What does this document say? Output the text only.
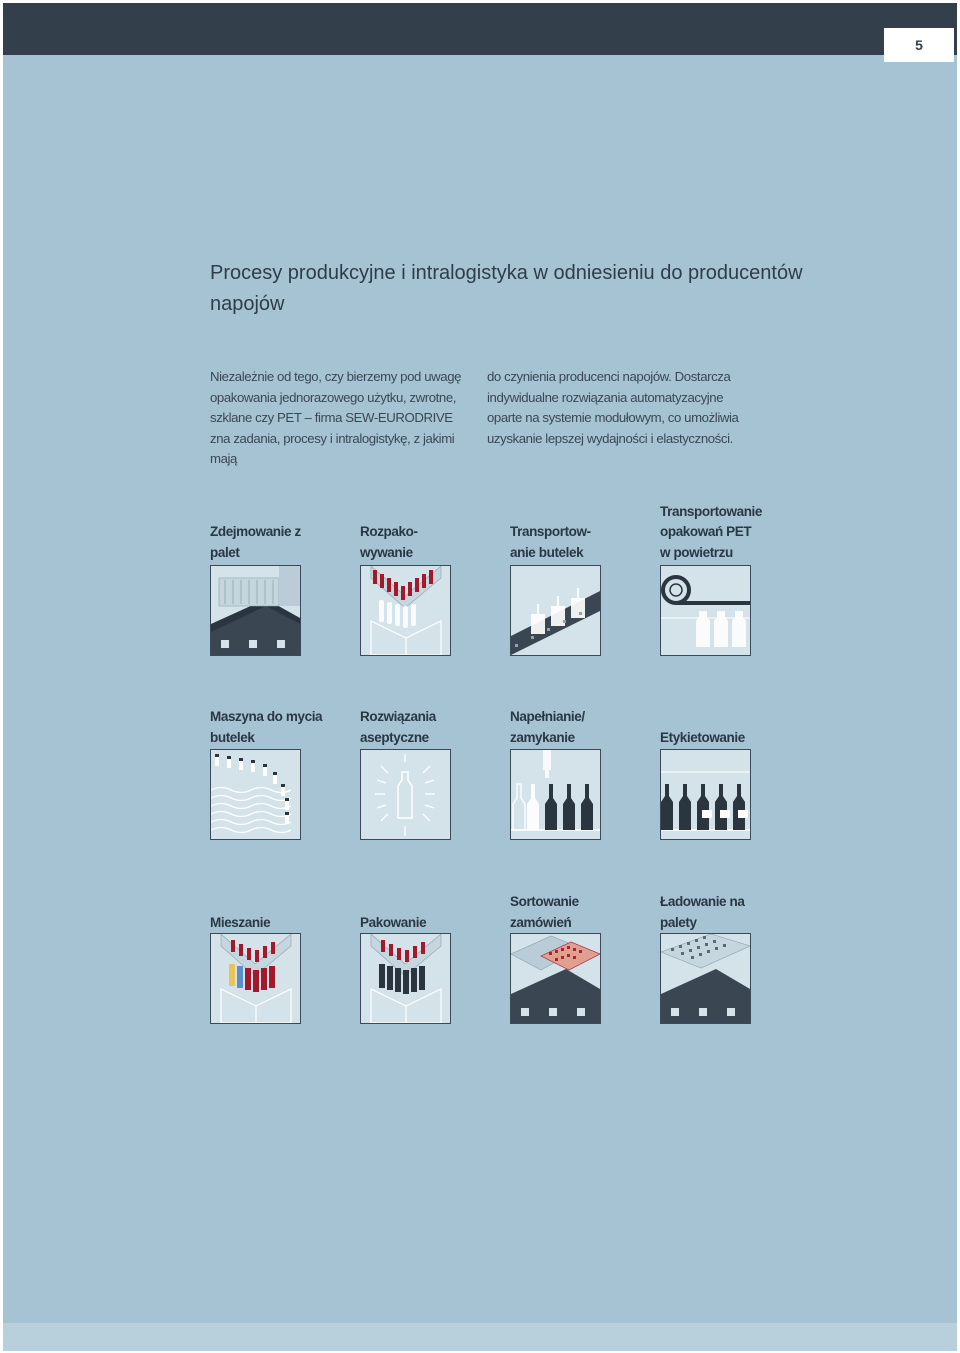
5
Procesy produkcyjne i intralogistyka w odniesieniu do producentów napojów

Niezależnie od tego, czy bierzemy pod uwagę opakowania jednorazowego użytku, zwrotne, szklane czy PET – firma SEW-EURODRIVE zna zadania, procesy i intralogistykę, z jakimi mają

do czynienia producenci napojów. Dostarcza indywidualne rozwiązania automatyzacyjne oparte na systemie modułowym, co umożliwia uzyskanie lepszej wydajności i elastyczności.

Zdejmowanie z
palet
Rozpako-
wywanie
Transportow-
anie butelek
Transportowanie
opakowań PET
w powietrzu
Maszyna do mycia
butelek
Rozwiązania
aseptyczne
Napełnianie/
zamykanie	Etykietowanie
Mieszanie	Pakowanie
Sortowanie
zamówień
Ładowanie na
palety
